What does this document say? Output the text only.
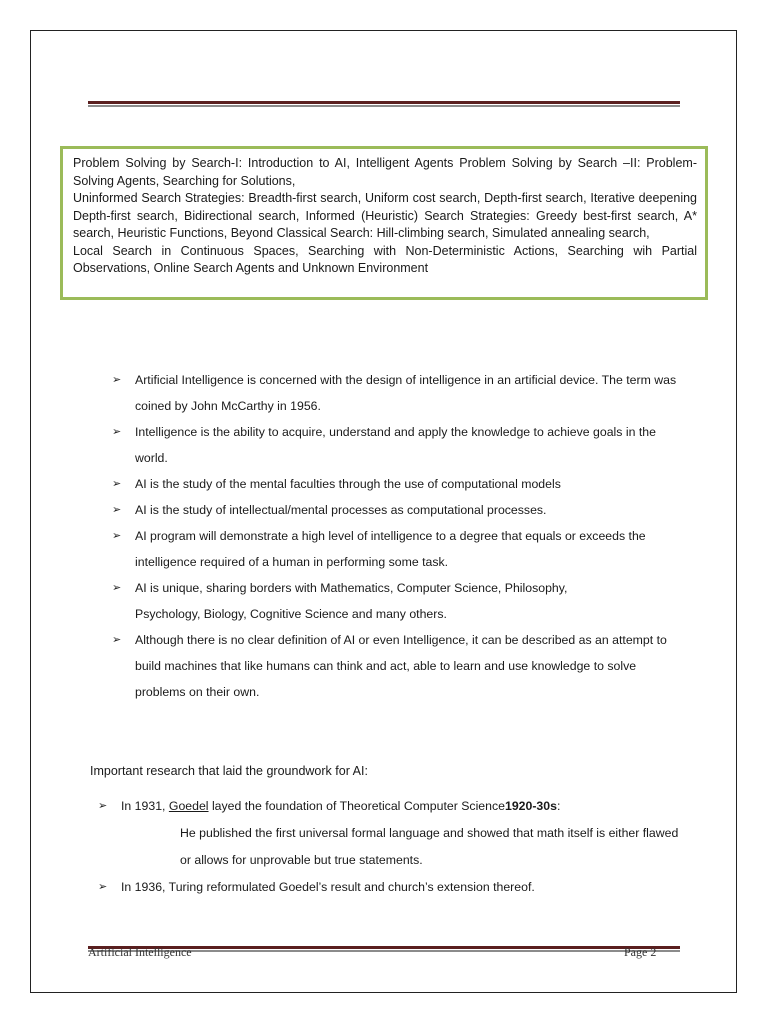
Problem Solving by Search-I: Introduction to AI, Intelligent Agents Problem Solving by Search –II: Problem-Solving Agents, Searching for Solutions,

Uninformed Search Strategies: Breadth-first search, Uniform cost search, Depth-first search, Iterative deepening Depth-first search, Bidirectional search, Informed (Heuristic) Search Strategies: Greedy best-first search, A* search, Heuristic Functions, Beyond Classical Search: Hill-climbing search, Simulated annealing search,

Local Search in Continuous Spaces, Searching with Non-Deterministic Actions, Searching wih Partial Observations, Online Search Agents and Unknown Environment

➢ Artificial Intelligence is concerned with the design of intelligence in an artificial device. The term was coined by John McCarthy in 1956.
➢ Intelligence is the ability to acquire, understand and apply the knowledge to achieve goals in the world.
➢ AI is the study of the mental faculties through the use of computational models
➢ AI is the study of intellectual/mental processes as computational processes.
➢ AI program will demonstrate a high level of intelligence to a degree that equals or exceeds the intelligence required of a human in performing some task.
➢ AI is unique, sharing borders with Mathematics, Computer Science, Philosophy,
Psychology, Biology, Cognitive Science and many others.
➢ Although there is no clear definition of AI or even Intelligence, it can be described as an attempt to build machines that like humans can think and act, able to learn and use knowledge to solve problems on their own.

Important research that laid the groundwork for AI:

➢ In 1931, Goedel layed the foundation of Theoretical Computer Science1920-30s:
He published the first universal formal language and showed that math itself is either flawed or allows for unprovable but true statements.
➢ In 1936, Turing reformulated Goedel’s result and church’s extension thereof.
Artificial Intelligence	Page 2
